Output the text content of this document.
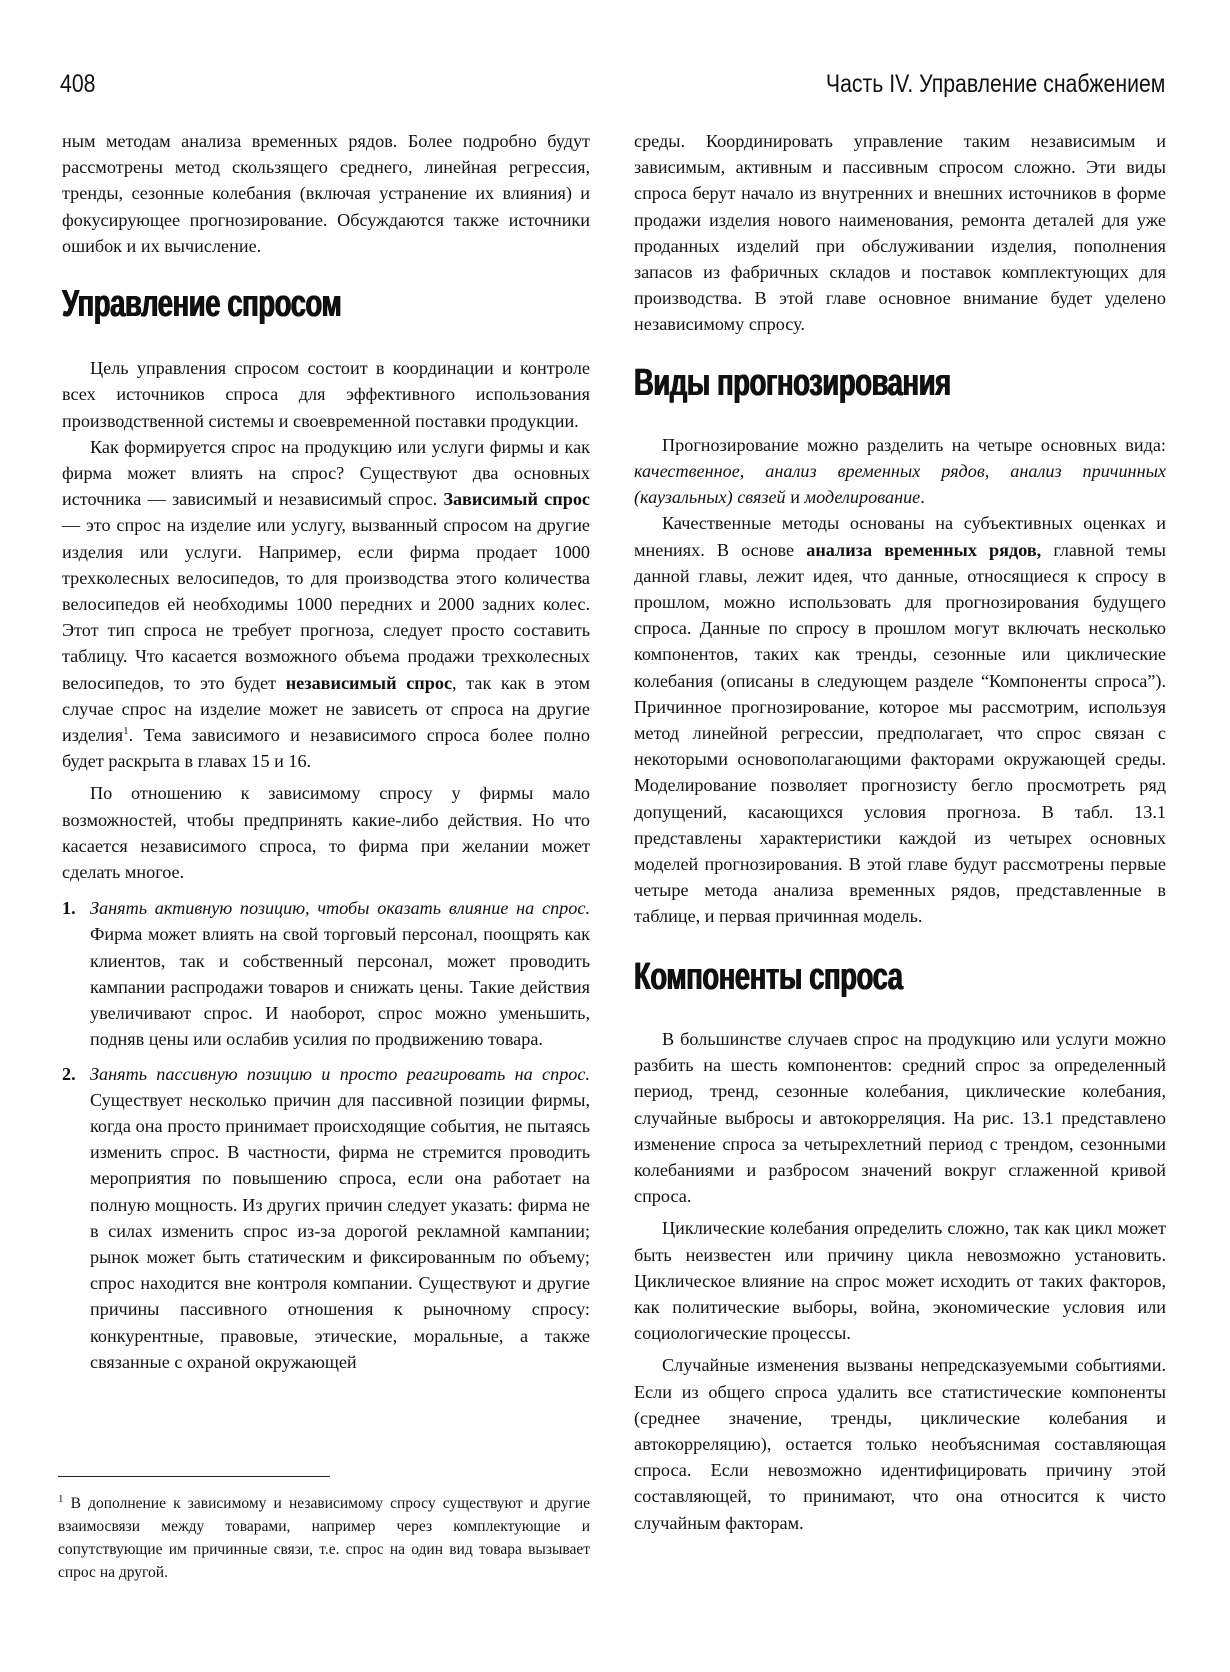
408	Часть IV. Управление снабжением

ным методам анализа временных рядов. Более подробно будут рассмотрены метод скользящего среднего, линейная регрессия, тренды, сезонные колебания (включая устранение их влияния) и фокусирующее прогнозирование. Обсуждаются также источники ошибок и их вычисление.

Управление спросом

Цель управления спросом состоит в координации и контроле всех источников спроса для эффективного использования производственной системы и своевременной поставки продукции.

Как формируется спрос на продукцию или услуги фирмы и как фирма может влиять на спрос? Существуют два основных источника — зависимый и независимый спрос. Зависимый спрос — это спрос на изделие или услугу, вызванный спросом на другие изделия или услуги. Например, если фирма продает 1000 трехколесных велосипедов, то для производства этого количества велосипедов ей необходимы 1000 передних и 2000 задних колес. Этот тип спроса не требует прогноза, следует просто составить таблицу. Что касается возможного объема продажи трехколесных велосипедов, то это будет независимый спрос, так как в этом случае спрос на изделие может не зависеть от спроса на другие изделия$^1$. Тема зависимого и независимого спроса более полно будет раскрыта в главах 15 и 16.

По отношению к зависимому спросу у фирмы мало возможностей, чтобы предпринять какие-либо действия. Но что касается независимого спроса, то фирма при желании может сделать многое.

1. Занять активную позицию, чтобы оказать влияние на спрос. Фирма может влиять на свой торговый персонал, поощрять как клиентов, так и собственный персонал, может проводить кампании распродажи товаров и снижать цены. Такие действия увеличивают спрос. И наоборот, спрос можно уменьшить, подняв цены или ослабив усилия по продвижению товара.
2. Занять пассивную позицию и просто реагировать на спрос. Существует несколько причин для пассивной позиции фирмы, когда она просто принимает происходящие события, не пытаясь изменить спрос. В частности, фирма не стремится проводить мероприятия по повышению спроса, если она работает на полную мощность. Из других причин следует указать: фирма не в силах изменить спрос из-за дорогой рекламной кампании; рынок может быть статическим и фиксированным по объему; спрос находится вне контроля компании. Существуют и другие причины пассивного отношения к рыночному спросу: конкурентные, правовые, этические, моральные, а также связанные с охраной окружающей
$^1$ В дополнение к зависимому и независимому спросу существуют и другие взаимосвязи между товарами, например через комплектующие и сопутствующие им причинные связи, т.е. спрос на один вид товара вызывает спрос на другой.

среды. Координировать управление таким независимым и зависимым, активным и пассивным спросом сложно. Эти виды спроса берут начало из внутренних и внешних источников в форме продажи изделия нового наименования, ремонта деталей для уже проданных изделий при обслуживании изделия, пополнения запасов из фабричных складов и поставок комплектующих для производства. В этой главе основное внимание будет уделено независимому спросу.

Виды прогнозирования

Прогнозирование можно разделить на четыре основных вида: качественное, анализ временных рядов, анализ причинных (каузальных) связей и моделирование.

Качественные методы основаны на субъективных оценках и мнениях. В основе анализа временных рядов, главной темы данной главы, лежит идея, что данные, относящиеся к спросу в прошлом, можно использовать для прогнозирования будущего спроса. Данные по спросу в прошлом могут включать несколько компонентов, таких как тренды, сезонные или циклические колебания (описаны в следующем разделе “Компоненты спроса”). Причинное прогнозирование, которое мы рассмотрим, используя метод линейной регрессии, предполагает, что спрос связан с некоторыми основополагающими факторами окружающей среды. Моделирование позволяет прогнозисту бегло просмотреть ряд допущений, касающихся условия прогноза. В табл. 13.1 представлены характеристики каждой из четырех основных моделей прогнозирования. В этой главе будут рассмотрены первые четыре метода анализа временных рядов, представленные в таблице, и первая причинная модель.

Компоненты спроса

В большинстве случаев спрос на продукцию или услуги можно разбить на шесть компонентов: средний спрос за определенный период, тренд, сезонные колебания, циклические колебания, случайные выбросы и автокорреляция. На рис. 13.1 представлено изменение спроса за четырехлетний период с трендом, сезонными колебаниями и разбросом значений вокруг сглаженной кривой спроса.

Циклические колебания определить сложно, так как цикл может быть неизвестен или причину цикла невозможно установить. Циклическое влияние на спрос может исходить от таких факторов, как политические выборы, война, экономические условия или социологические процессы.

Случайные изменения вызваны непредсказуемыми событиями. Если из общего спроса удалить все статистические компоненты (среднее значение, тренды, циклические колебания и автокорреляцию), остается только необъяснимая составляющая спроса. Если невозможно идентифицировать причину этой составляющей, то принимают, что она относится к чисто случайным факторам.
